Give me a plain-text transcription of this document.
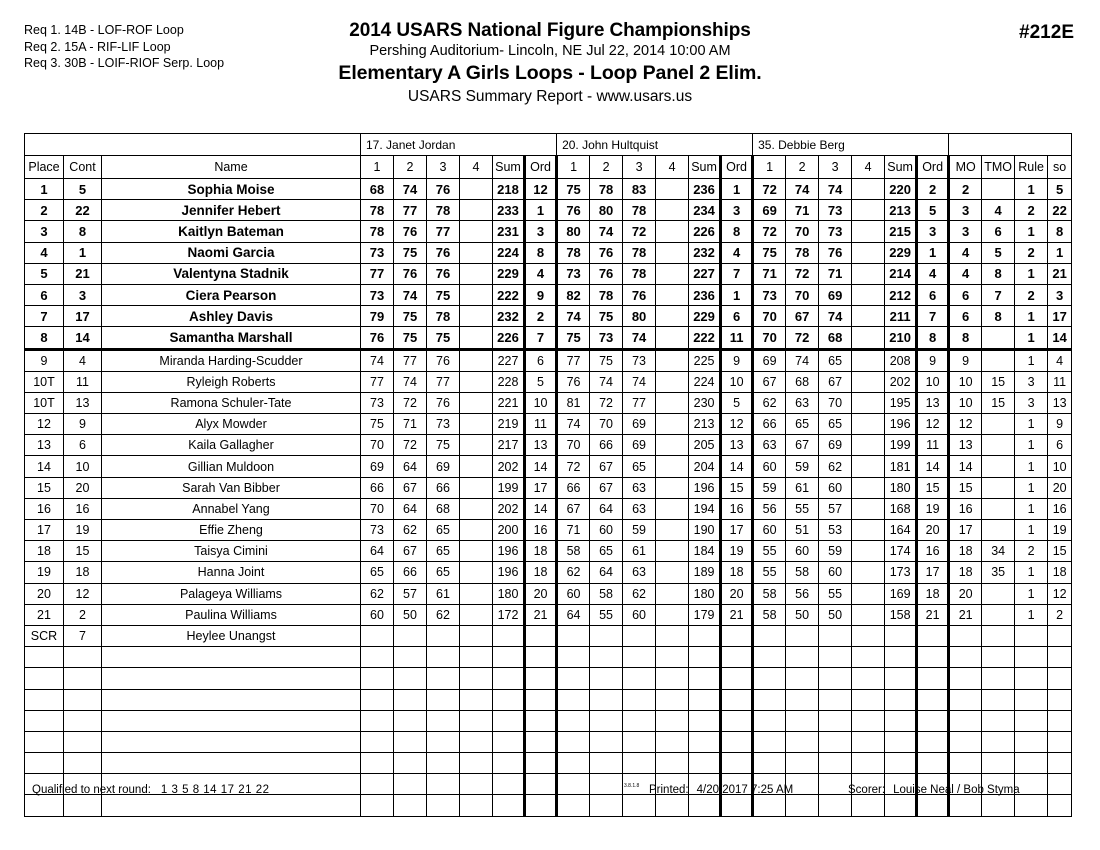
Req 1. 14B - LOF-ROF Loop
Req 2. 15A - RIF-LIF Loop
Req 3. 30B - LOIF-RIOF Serp. Loop
2014 USARS National Figure Championships
Pershing Auditorium- Lincoln, NE Jul 22, 2014 10:00 AM
Elementary A Girls Loops - Loop Panel 2 Elim.
USARS Summary Report - www.usars.us
#212E
			17. Janet Jordan						20. John Hultquist						35. Debbie Berg									
Place	Cont	Name	1	2	3	4	Sum	Ord	1	2	3	4	Sum	Ord	1	2	3	4	Sum	Ord	MO	TMO	Rule	so
1	5	Sophia Moise	68	74	76		218	12	75	78	83		236	1	72	74	74		220	2	2		1	5
2	22	Jennifer Hebert	78	77	78		233	1	76	80	78		234	3	69	71	73		213	5	3	4	2	22
3	8	Kaitlyn Bateman	78	76	77		231	3	80	74	72		226	8	72	70	73		215	3	3	6	1	8
4	1	Naomi Garcia	73	75	76		224	8	78	76	78		232	4	75	78	76		229	1	4	5	2	1
5	21	Valentyna Stadnik	77	76	76		229	4	73	76	78		227	7	71	72	71		214	4	4	8	1	21
6	3	Ciera Pearson	73	74	75		222	9	82	78	76		236	1	73	70	69		212	6	6	7	2	3
7	17	Ashley Davis	79	75	78		232	2	74	75	80		229	6	70	67	74		211	7	6	8	1	17
8	14	Samantha Marshall	76	75	75		226	7	75	73	74		222	11	70	72	68		210	8	8		1	14
9	4	Miranda Harding-Scudder	74	77	76		227	6	77	75	73		225	9	69	74	65		208	9	9		1	4
10T	11	Ryleigh Roberts	77	74	77		228	5	76	74	74		224	10	67	68	67		202	10	10	15	3	11
10T	13	Ramona Schuler-Tate	73	72	76		221	10	81	72	77		230	5	62	63	70		195	13	10	15	3	13
12	9	Alyx Mowder	75	71	73		219	11	74	70	69		213	12	66	65	65		196	12	12		1	9
13	6	Kaila Gallagher	70	72	75		217	13	70	66	69		205	13	63	67	69		199	11	13		1	6
14	10	Gillian Muldoon	69	64	69		202	14	72	67	65		204	14	60	59	62		181	14	14		1	10
15	20	Sarah Van Bibber	66	67	66		199	17	66	67	63		196	15	59	61	60		180	15	15		1	20
16	16	Annabel Yang	70	64	68		202	14	67	64	63		194	16	56	55	57		168	19	16		1	16
17	19	Effie Zheng	73	62	65		200	16	71	60	59		190	17	60	51	53		164	20	17		1	19
18	15	Taisya Cimini	64	67	65		196	18	58	65	61		184	19	55	60	59		174	16	18	34	2	15
19	18	Hanna Joint	65	66	65		196	18	62	64	63		189	18	55	58	60		173	17	18	35	1	18
20	12	Palageya Williams	62	57	61		180	20	60	58	62		180	20	58	56	55		169	18	20		1	12
21	2	Paulina Williams	60	50	62		172	21	64	55	60		179	21	58	50	50		158	21	21		1	2
SCR	7	Heylee Unangst																						

Qualified to next round: 1 3 5 8 14 17 21 22	3.8.1.8 Printed: 4/20/2017 7:25 AM	Scorer: Louise Neal / Bob Styma
